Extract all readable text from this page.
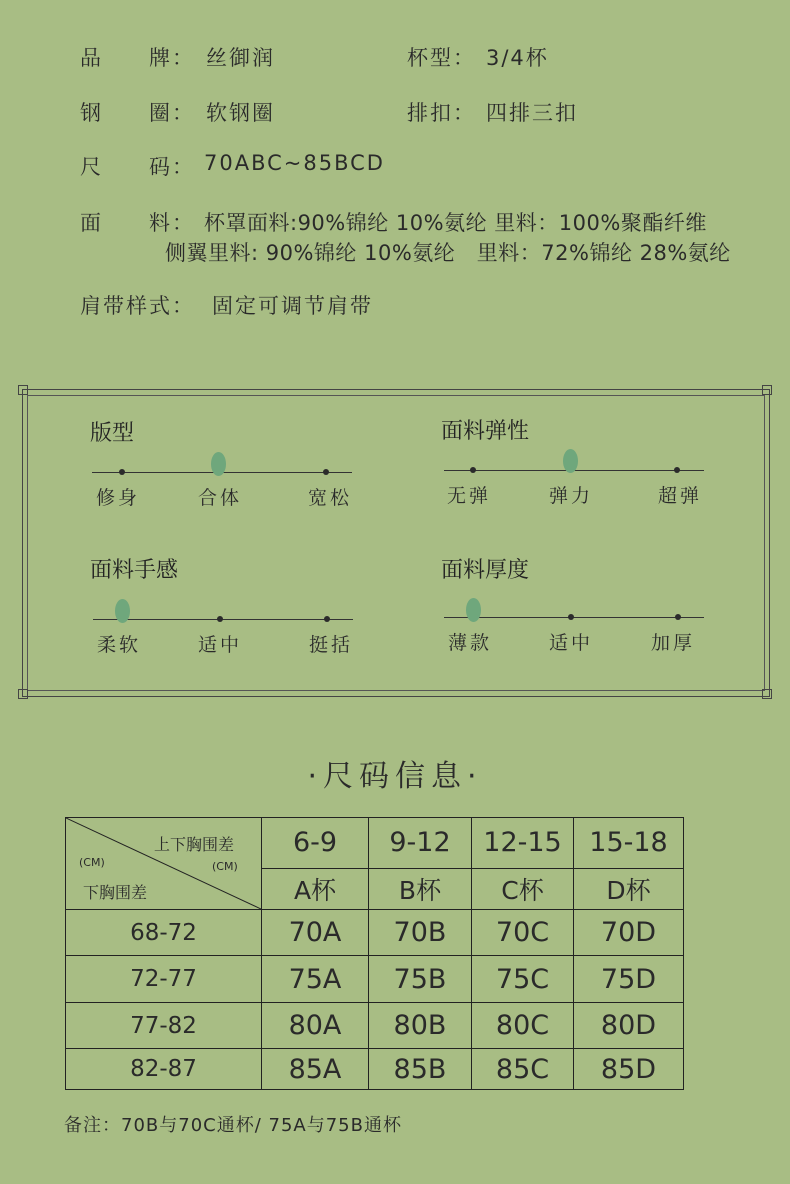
品　　牌： 丝御润	杯型： 3/4杯
钢　　圈： 软钢圈	排扣： 四排三扣
尺　　码： 70ABC~85BCD
面　　料： 杯罩面料:90%锦纶 10%氨纶 里料：100%聚酯纤维
侧翼里料: 90%锦纶 10%氨纶　里料：72%锦纶 28%氨纶
肩带样式： 固定可调节肩带
版型
修身	合体	宽松
面料弹性
无弹	弹力	超弹
面料手感
柔软	适中	挺括
面料厚度
薄款	适中	加厚
·尺码信息·
上下胸围差
(CM) (CM)
下胸围差	6-9	9-12	12-15	15-18
	A杯	B杯	C杯	D杯
68-72	70A	70B	70C	70D
72-77	75A	75B	75C	75D
77-82	80A	80B	80C	80D
82-87	85A	85B	85C	85D
备注：70B与70C通杯/ 75A与75B通杯
